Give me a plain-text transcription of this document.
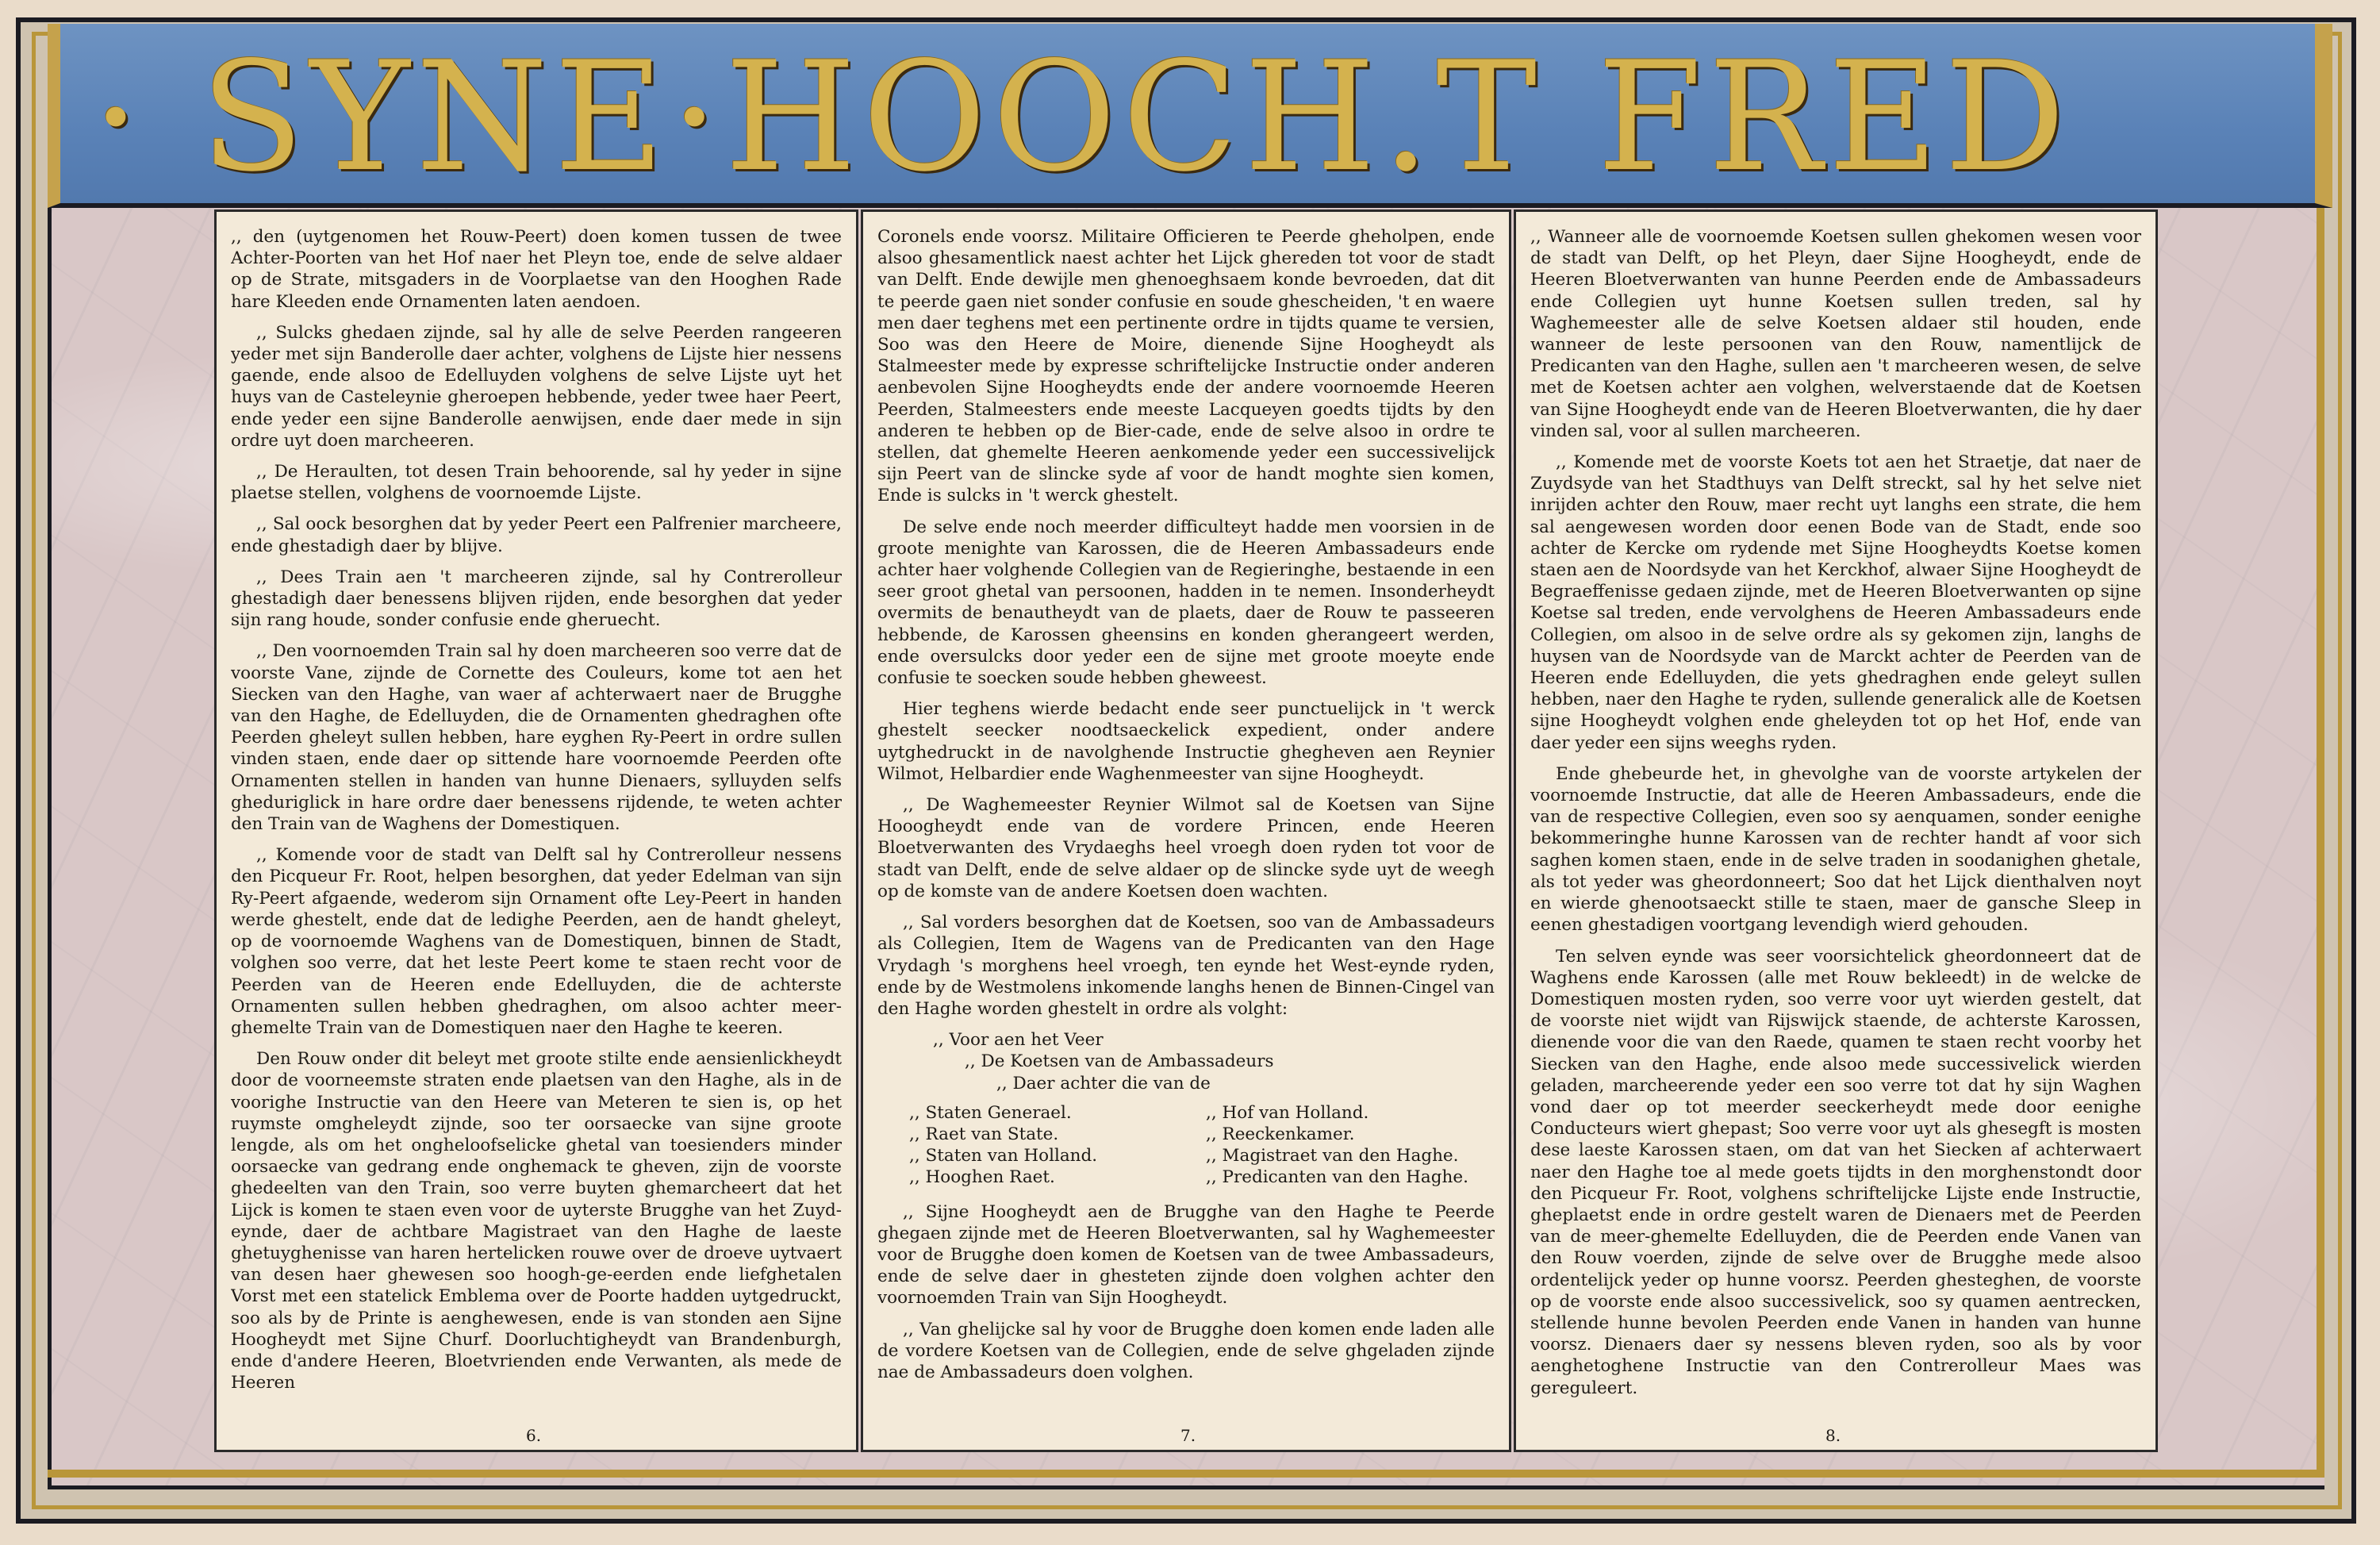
· SYNE·HOOCH.T FRED

,, den (uytgenomen het Rouw-Peert) doen komen tussen de twee Achter-Poorten van het Hof naer het Pleyn toe, ende de selve aldaer op de Strate, mitsgaders in de Voorplaetse van den Hooghen Rade hare Kleeden ende Ornamenten laten aendoen.

,, Sulcks ghedaen zijnde, sal hy alle de selve Peerden rangeeren yeder met sijn Banderolle daer achter, volghens de Lijste hier nessens gaende, ende alsoo de Edelluyden volghens de selve Lijste uyt het huys van de Casteleynie gheroepen hebbende, yeder twee haer Peert, ende yeder een sijne Banderolle aenwijsen, ende daer mede in sijn ordre uyt doen marcheeren.

,, De Heraulten, tot desen Train behoorende, sal hy yeder in sijne plaetse stellen, volghens de voornoemde Lijste.

,, Sal oock besorghen dat by yeder Peert een Palfrenier marcheere, ende ghestadigh daer by blijve.

,, Dees Train aen 't marcheeren zijnde, sal hy Contrerolleur ghestadigh daer benessens blijven rijden, ende besorghen dat yeder sijn rang houde, sonder confusie ende gheruecht.

,, Den voornoemden Train sal hy doen marcheeren soo verre dat de voorste Vane, zijnde de Cornette des Couleurs, kome tot aen het Siecken van den Haghe, van waer af achterwaert naer de Brugghe van den Haghe, de Edelluyden, die de Ornamenten ghedraghen ofte Peerden gheleyt sullen hebben, hare eyghen Ry-Peert in ordre sullen vinden staen, ende daer op sittende hare voornoemde Peerden ofte Ornamenten stellen in handen van hunne Dienaers, sylluyden selfs gheduriglick in hare ordre daer benessens rijdende, te weten achter den Train van de Waghens der Domestiquen.

,, Komende voor de stadt van Delft sal hy Contrerolleur nessens den Picqueur Fr. Root, helpen besorghen, dat yeder Edelman van sijn Ry-Peert afgaende, wederom sijn Ornament ofte Ley-Peert in handen werde ghestelt, ende dat de ledighe Peerden, aen de handt gheleyt, op de voornoemde Waghens van de Domestiquen, binnen de Stadt, volghen soo verre, dat het leste Peert kome te staen recht voor de Peerden van de Heeren ende Edelluyden, die de achterste Ornamenten sullen hebben ghedraghen, om alsoo achter meer-ghemelte Train van de Domestiquen naer den Haghe te keeren.

Den Rouw onder dit beleyt met groote stilte ende aensienlickheydt door de voorneemste straten ende plaetsen van den Haghe, als in de voorighe Instructie van den Heere van Meteren te sien is, op het ruymste omgheleydt zijnde, soo ter oorsaecke van sijne groote lengde, als om het ongheloofselicke ghetal van toesienders minder oorsaecke van gedrang ende onghemack te gheven, zijn de voorste ghedeelten van den Train, soo verre buyten ghemarcheert dat het Lijck is komen te staen even voor de uyterste Brugghe van het Zuyd-eynde, daer de achtbare Magistraet van den Haghe de laeste ghetuyghenisse van haren hertelicken rouwe over de droeve uytvaert van desen haer ghewesen soo hoogh-ge-eerden ende liefghetalen Vorst met een statelick Emblema over de Poorte hadden uytgedruckt, soo als by de Printe is aenghewesen, ende is van stonden aen Sijne Hoogheydt met Sijne Churf. Doorluchtigheydt van Brandenburgh, ende d'andere Heeren, Bloetvrienden ende Verwanten, als mede de Heeren

6.

Coronels ende voorsz. Militaire Officieren te Peerde gheholpen, ende alsoo ghesamentlick naest achter het Lijck ghereden tot voor de stadt van Delft. Ende dewijle men ghenoeghsaem konde bevroeden, dat dit te peerde gaen niet sonder confusie en soude ghescheiden, 't en waere men daer teghens met een pertinente ordre in tijdts quame te versien, Soo was den Heere de Moire, dienende Sijne Hoogheydt als Stalmeester mede by expresse schriftelijcke Instructie onder anderen aenbevolen Sijne Hoogheydts ende der andere voornoemde Heeren Peerden, Stalmeesters ende meeste Lacqueyen goedts tijdts by den anderen te hebben op de Bier-cade, ende de selve alsoo in ordre te stellen, dat ghemelte Heeren aenkomende yeder een successivelijck sijn Peert van de slincke syde af voor de handt moghte sien komen, Ende is sulcks in 't werck ghestelt.

De selve ende noch meerder difficulteyt hadde men voorsien in de groote menighte van Karossen, die de Heeren Ambassadeurs ende achter haer volghende Collegien van de Regieringhe, bestaende in een seer groot ghetal van persoonen, hadden in te nemen. Insonderheydt overmits de benautheydt van de plaets, daer de Rouw te passeeren hebbende, de Karossen gheensins en konden gherangeert werden, ende oversulcks door yeder een de sijne met groote moeyte ende confusie te soecken soude hebben gheweest.

Hier teghens wierde bedacht ende seer punctuelijck in 't werck ghestelt seecker noodtsaeckelick expedient, onder andere uytghedruckt in de navolghende Instructie ghegheven aen Reynier Wilmot, Helbardier ende Waghenmeester van sijne Hoogheydt.

,, De Waghemeester Reynier Wilmot sal de Koetsen van Sijne Hooogheydt ende van de vordere Princen, ende Heeren Bloetverwanten des Vrydaeghs heel vroegh doen ryden tot voor de stadt van Delft, ende de selve aldaer op de slincke syde uyt de weegh op de komste van de andere Koetsen doen wachten.

,, Sal vorders besorghen dat de Koetsen, soo van de Ambassadeurs als Collegien, Item de Wagens van de Predicanten van den Hage Vrydagh 's morghens heel vroegh, ten eynde het West-eynde ryden, ende by de Westmolens inkomende langhs henen de Binnen-Cingel van den Haghe worden ghestelt in ordre als volght:

,, Voor aen het Veer
,, De Koetsen van de Ambassadeurs
,, Daer achter die van de
,, Staten Generael.	,, Hof van Holland.
,, Raet van State.	,, Reeckenkamer.
,, Staten van Holland.	,, Magistraet van den Haghe.
,, Hooghen Raet.	,, Predicanten van den Haghe.

,, Sijne Hoogheydt aen de Brugghe van den Haghe te Peerde ghegaen zijnde met de Heeren Bloetverwanten, sal hy Waghemeester voor de Brugghe doen komen de Koetsen van de twee Ambassadeurs, ende de selve daer in ghesteten zijnde doen volghen achter den voornoemden Train van Sijn Hoogheydt.

,, Van ghelijcke sal hy voor de Brugghe doen komen ende laden alle de vordere Koetsen van de Collegien, ende de selve ghgeladen zijnde nae de Ambassadeurs doen volghen.

7.

,, Wanneer alle de voornoemde Koetsen sullen ghekomen wesen voor de stadt van Delft, op het Pleyn, daer Sijne Hoogheydt, ende de Heeren Bloetverwanten van hunne Peerden ende de Ambassadeurs ende Collegien uyt hunne Koetsen sullen treden, sal hy Waghemeester alle de selve Koetsen aldaer stil houden, ende wanneer de leste persoonen van den Rouw, namentlijck de Predicanten van den Haghe, sullen aen 't marcheeren wesen, de selve met de Koetsen achter aen volghen, welverstaende dat de Koetsen van Sijne Hoogheydt ende van de Heeren Bloetverwanten, die hy daer vinden sal, voor al sullen marcheeren.

,, Komende met de voorste Koets tot aen het Straetje, dat naer de Zuydsyde van het Stadthuys van Delft streckt, sal hy het selve niet inrijden achter den Rouw, maer recht uyt langhs een strate, die hem sal aengewesen worden door eenen Bode van de Stadt, ende soo achter de Kercke om rydende met Sijne Hoogheydts Koetse komen staen aen de Noordsyde van het Kerckhof, alwaer Sijne Hoogheydt de Begraeffenisse gedaen zijnde, met de Heeren Bloetverwanten op sijne Koetse sal treden, ende vervolghens de Heeren Ambassadeurs ende Collegien, om alsoo in de selve ordre als sy gekomen zijn, langhs de huysen van de Noordsyde van de Marckt achter de Peerden van de Heeren ende Edelluyden, die yets ghedraghen ende geleyt sullen hebben, naer den Haghe te ryden, sullende generalick alle de Koetsen sijne Hoogheydt volghen ende gheleyden tot op het Hof, ende van daer yeder een sijns weeghs ryden.

Ende ghebeurde het, in ghevolghe van de voorste artykelen der voornoemde Instructie, dat alle de Heeren Ambassadeurs, ende die van de respective Collegien, even soo sy aenquamen, sonder eenighe bekommeringhe hunne Karossen van de rechter handt af voor sich saghen komen staen, ende in de selve traden in soodanighen ghetale, als tot yeder was gheordonneert; Soo dat het Lijck dienthalven noyt en wierde ghenootsaeckt stille te staen, maer de gansche Sleep in eenen ghestadigen voortgang levendigh wierd gehouden.

Ten selven eynde was seer voorsichtelick gheordonneert dat de Waghens ende Karossen (alle met Rouw bekleedt) in de welcke de Domestiquen mosten ryden, soo verre voor uyt wierden gestelt, dat de voorste niet wijdt van Rijswijck staende, de achterste Karossen, dienende voor die van den Raede, quamen te staen recht voorby het Siecken van den Haghe, ende alsoo mede successivelick wierden geladen, marcheerende yeder een soo verre tot dat hy sijn Waghen vond daer op tot meerder seeckerheydt mede door eenighe Conducteurs wiert ghepast; Soo verre voor uyt als ghesegft is mosten dese laeste Karossen staen, om dat van het Siecken af achterwaert naer den Haghe toe al mede goets tijdts in den morghenstondt door den Picqueur Fr. Root, volghens schriftelijcke Lijste ende Instructie, gheplaetst ende in ordre gestelt waren de Dienaers met de Peerden van de meer-ghemelte Edelluyden, die de Peerden ende Vanen van den Rouw voerden, zijnde de selve over de Brugghe mede alsoo ordentelijck yeder op hunne voorsz. Peerden ghesteghen, de voorste op de voorste ende alsoo successivelick, soo sy quamen aentrecken, stellende hunne bevolen Peerden ende Vanen in handen van hunne voorsz. Dienaers daer sy nessens bleven ryden, soo als by voor aenghetoghene Instructie van den Contrerolleur Maes was gereguleert.

8.
